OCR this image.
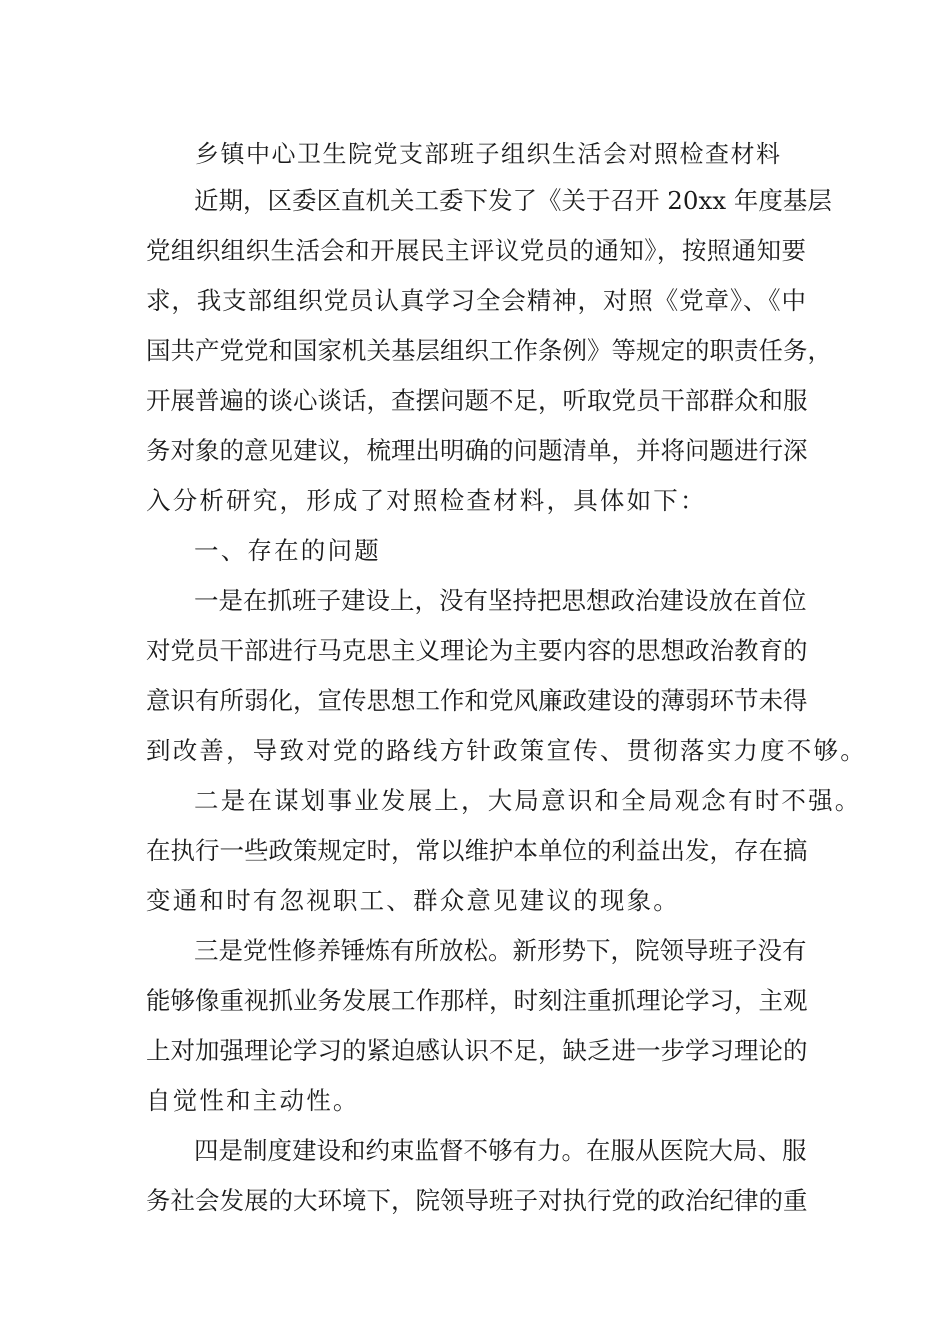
乡镇中心卫生院党支部班子组织生活会对照检查材料
近期，区委区直机关工委下发了《关于召开 20xx 年度基层
党组织组织生活会和开展民主评议党员的通知》，按照通知要
求，我支部组织党员认真学习全会精神，对照《党章》、《中
国共产党党和国家机关基层组织工作条例》等规定的职责任务，
开展普遍的谈心谈话，查摆问题不足，听取党员干部群众和服
务对象的意见建议，梳理出明确的问题清单，并将问题进行深
入分析研究，形成了对照检查材料，具体如下：
一、存在的问题
一是在抓班子建设上，没有坚持把思想政治建设放在首位
对党员干部进行马克思主义理论为主要内容的思想政治教育的
意识有所弱化，宣传思想工作和党风廉政建设的薄弱环节未得
到改善，导致对党的路线方针政策宣传、贯彻落实力度不够。
二是在谋划事业发展上，大局意识和全局观念有时不强。
在执行一些政策规定时，常以维护本单位的利益出发，存在搞
变通和时有忽视职工、群众意见建议的现象。
三是党性修养锤炼有所放松。新形势下，院领导班子没有
能够像重视抓业务发展工作那样，时刻注重抓理论学习，主观
上对加强理论学习的紧迫感认识不足，缺乏进一步学习理论的
自觉性和主动性。
四是制度建设和约束监督不够有力。在服从医院大局、服
务社会发展的大环境下，院领导班子对执行党的政治纪律的重
